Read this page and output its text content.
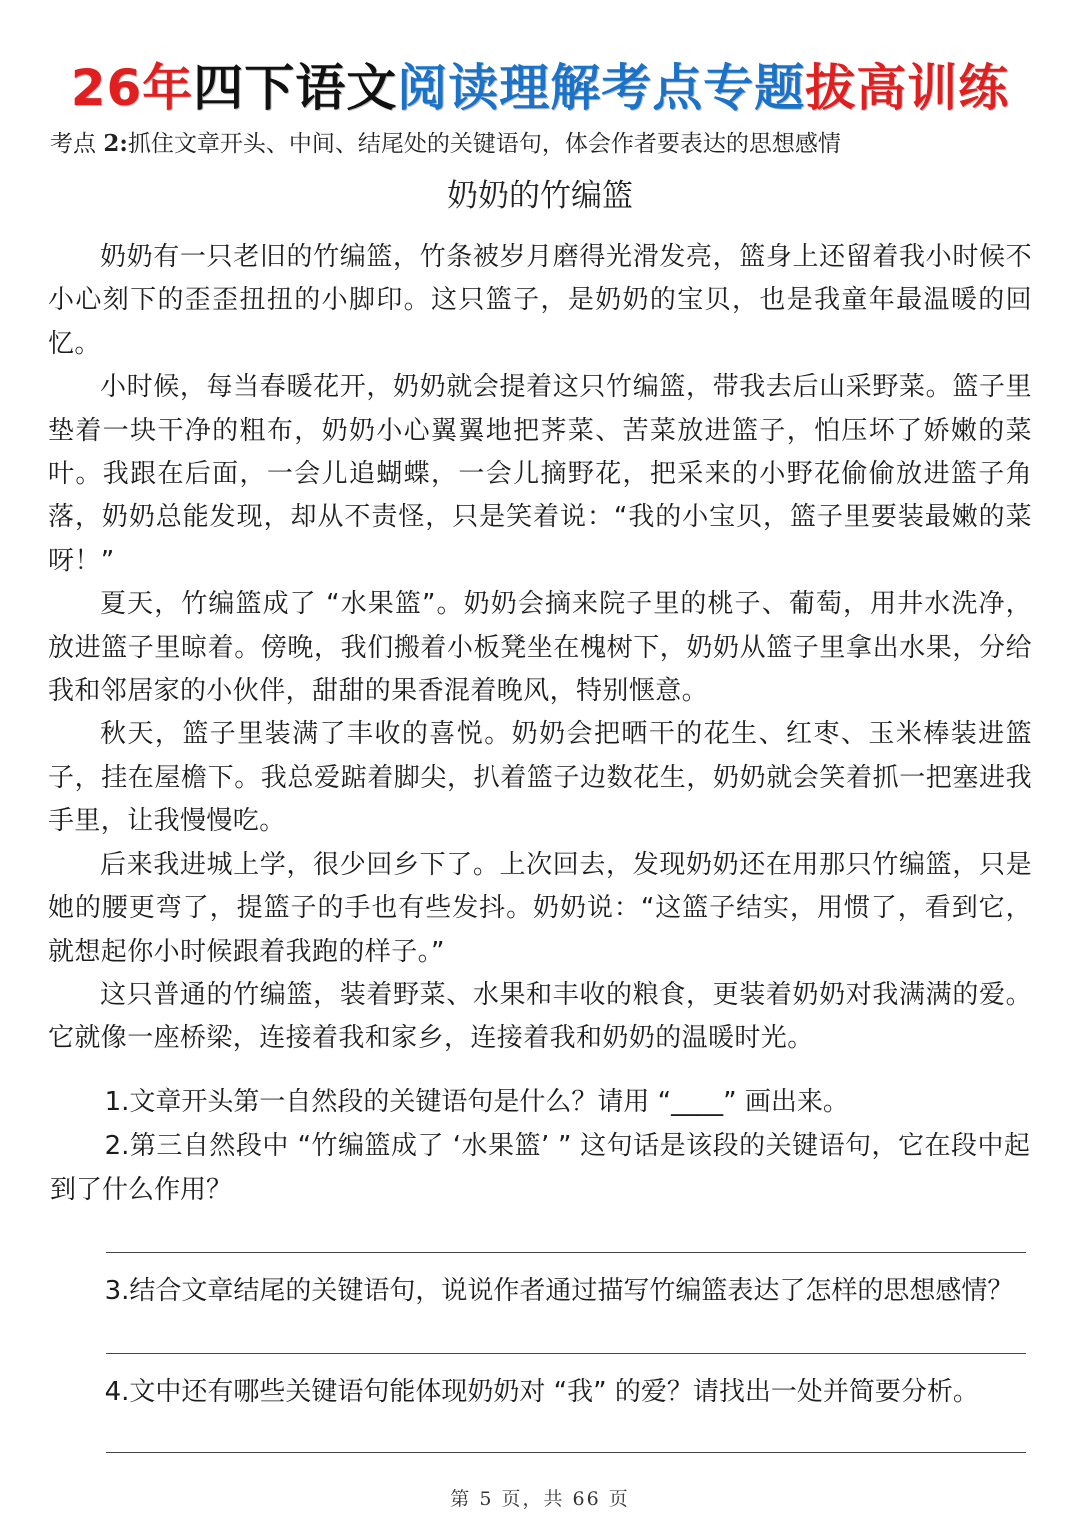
26年四下语文阅读理解考点专题拔高训练
考点 2:抓住文章开头、中间、结尾处的关键语句，体会作者要表达的思想感情
奶奶的竹编篮

奶奶有一只老旧的竹编篮，竹条被岁月磨得光滑发亮，篮身上还留着我小时候不小心刻下的歪歪扭扭的小脚印。这只篮子，是奶奶的宝贝，也是我童年最温暖的回忆。

小时候，每当春暖花开，奶奶就会提着这只竹编篮，带我去后山采野菜。篮子里垫着一块干净的粗布，奶奶小心翼翼地把荠菜、苦菜放进篮子，怕压坏了娇嫩的菜叶。我跟在后面，一会儿追蝴蝶，一会儿摘野花，把采来的小野花偷偷放进篮子角落，奶奶总能发现，却从不责怪，只是笑着说：“我的小宝贝，篮子里要装最嫩的菜呀！”

夏天，竹编篮成了 “水果篮”。奶奶会摘来院子里的桃子、葡萄，用井水洗净，放进篮子里晾着。傍晚，我们搬着小板凳坐在槐树下，奶奶从篮子里拿出水果，分给我和邻居家的小伙伴，甜甜的果香混着晚风，特别惬意。

秋天，篮子里装满了丰收的喜悦。奶奶会把晒干的花生、红枣、玉米棒装进篮子，挂在屋檐下。我总爱踮着脚尖，扒着篮子边数花生，奶奶就会笑着抓一把塞进我手里，让我慢慢吃。

后来我进城上学，很少回乡下了。上次回去，发现奶奶还在用那只竹编篮，只是她的腰更弯了，提篮子的手也有些发抖。奶奶说：“这篮子结实，用惯了，看到它，就想起你小时候跟着我跑的样子。”

这只普通的竹编篮，装着野菜、水果和丰收的粮食，更装着奶奶对我满满的爱。它就像一座桥梁，连接着我和家乡，连接着我和奶奶的温暖时光。

1.文章开头第一自然段的关键语句是什么？请用 “____” 画出来。

2.第三自然段中 “竹编篮成了 ‘水果篮’ ” 这句话是该段的关键语句，它在段中起到了什么作用？

3.结合文章结尾的关键语句，说说作者通过描写竹编篮表达了怎样的思想感情？

4.文中还有哪些关键语句能体现奶奶对 “我” 的爱？请找出一处并简要分析。

第 5 页，共 66 页
